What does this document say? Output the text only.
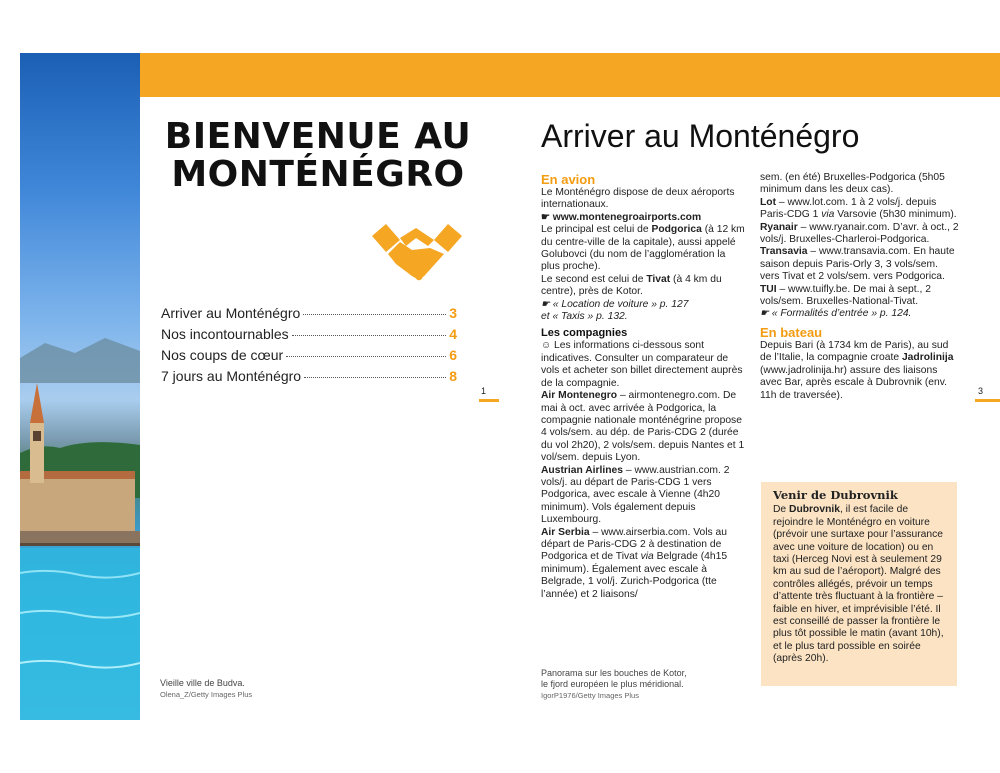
BIENVENUE AU
MONTÉNÉGRO
Arriver au Monténégro	3
Nos incontournables	4
Nos coups de cœur	6
7 jours au Monténégro	8
Vieille ville de Budva.
Olena_Z/Getty Images Plus
1
Arriver au Monténégro

En avion

Le Monténégro dispose de deux aéroports internationaux.

☛ www.montenegroairports.com

Le principal est celui de Podgorica (à 12 km du centre-ville de la capitale), aussi appelé Golubovci (du nom de l’agglomération la plus proche).

Le second est celui de Tivat (à 4 km du centre), près de Kotor.

☛ « Location de voiture » p. 127

et « Taxis » p. 132.

Les compagnies

☺ Les informations ci-dessous sont indicatives. Consulter un comparateur de vols et acheter son billet directement auprès de la compagnie.

Air Montenegro – airmontenegro.com. De mai à oct. avec arrivée à Podgorica, la compagnie nationale monténégrine propose 4 vols/sem. au dép. de Paris-CDG 2 (durée du vol 2h20), 2 vols/sem. depuis Nantes et 1 vol/sem. depuis Lyon.

Austrian Airlines – www.austrian.com. 2 vols/j. au départ de Paris-CDG 1 vers Podgorica, avec escale à Vienne (4h20 minimum). Vols également depuis Luxembourg.

Air Serbia – www.airserbia.com. Vols au départ de Paris-CDG 2 à destination de Podgorica et de Tivat via Belgrade (4h15 minimum). Également avec escale à Belgrade, 1 vol/j. Zurich-Podgorica (tte l’année) et 2 liaisons/

sem. (en été) Bruxelles-Podgorica (5h05 minimum dans les deux cas).

Lot – www.lot.com. 1 à 2 vols/j. depuis Paris-CDG 1 via Varsovie (5h30 minimum).

Ryanair – www.ryanair.com. D’avr. à oct., 2 vols/j. Bruxelles-Charleroi-Podgorica.

Transavia – www.transavia.com. En haute saison depuis Paris-Orly 3, 3 vols/sem. vers Tivat et 2 vols/sem. vers Podgorica.

TUI – www.tuifly.be. De mai à sept., 2 vols/sem. Bruxelles-National-Tivat.

☛ « Formalités d’entrée » p. 124.

En bateau

Depuis Bari (à 1734 km de Paris), au sud de l’Italie, la compagnie croate Jadrolinija (www.jadrolinija.hr) assure des liaisons avec Bar, après escale à Dubrovnik (env. 11h de traversée).

Venir de Dubrovnik

De Dubrovnik, il est facile de rejoindre le Monténégro en voiture (prévoir une surtaxe pour l’assurance avec une voiture de location) ou en taxi (Herceg Novi est à seulement 29 km au sud de l’aéroport). Malgré des contrôles allégés, prévoir un temps d’attente très fluctuant à la frontière – faible en hiver, et imprévisible l’été. Il est conseillé de passer la frontière le plus tôt possible le matin (avant 10h), et le plus tard possible en soirée (après 20h).

Panorama sur les bouches de Kotor,
le fjord européen le plus méridional.
IgorP1976/Getty Images Plus
3
